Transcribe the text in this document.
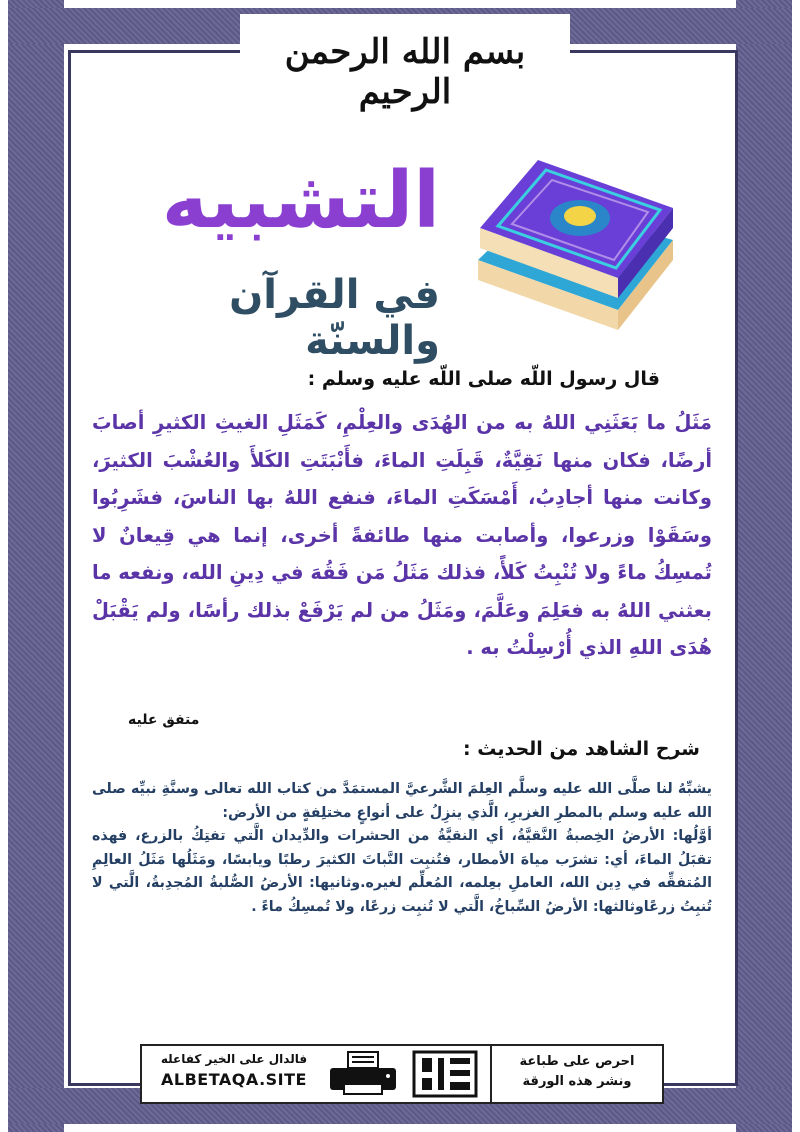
بسم الله الرحمن الرحيم
التشبيه
في القرآن والسنّة
قال رسول اللّه صلى اللّه عليه وسلم :

مَثَلُ ما بَعَثَنِي اللهُ به من الهُدَى والعِلْمِ، كَمَثَلِ الغيثِ الكثيرِ أصابَ أرضًا، فكان منها نَقِيَّةٌ، قَبِلَتِ الماءَ، فأَنْبَتَتِ الكَلأَ والعُشْبَ الكثيرَ، وكانت منها أجادِبُ، أَمْسَكَتِ الماءَ، فنفع اللهُ بها الناسَ، فشَرِبُوا وسَقَوْا وزرعوا، وأصابت منها طائفةً أخرى، إنما هي قِيعانٌ لا تُمسِكُ ماءً ولا تُنْبِتُ كَلأً، فذلك مَثَلُ مَن فَقُهَ في دِينِ الله، ونفعه ما بعثني اللهُ به فعَلِمَ وعَلَّمَ، ومَثَلُ من لم يَرْفَعْ بذلك رأسًا، ولم يَقْبَلْ هُدَى اللهِ الذي أُرْسِلْتُ به .

متفق عليه
شرح الشاهد من الحديث :

يشبِّهُ لنا صلَّى الله عليه وسلَّم العِلمَ الشَّرعيَّ المستمَدَّ من كتاب الله تعالى وسنَّةِ نبيِّه صلى الله عليه وسلم بالمطرِ الغزيرِ، الَّذي ينزِلُ على أنواعٍ مختلِفةٍ من الأرض:

أوَّلُها: الأرضُ الخِصبةُ النَّقيَّةُ، أي النقيَّةُ من الحشرات والدِّيدان الَّتي تفتِكُ بالزرع، فهذه تقبَلُ الماءَ، أي: تشرَب مياهَ الأمطار، فتُنبِت النَّباتَ الكثيرَ رطبًا ويابسًا، ومَثَلُها مَثَلُ العالِمِ المُتفقِّه في دِين الله، العاملِ بعِلمه، المُعلِّم لغيره.وثانيها: الأرضُ الصُّلبةُ المُجدِبةُ، الَّتي لا تُنبِتُ زرعًاوثالثها: الأرضُ السِّباخُ، الَّتي لا تُنبِت زرعًا، ولا تُمسِكُ ماءً .

فالدال على الخير كفاعله
ALBETAQA.SITE
احرص على طباعة
ونشر هذه الورقة
